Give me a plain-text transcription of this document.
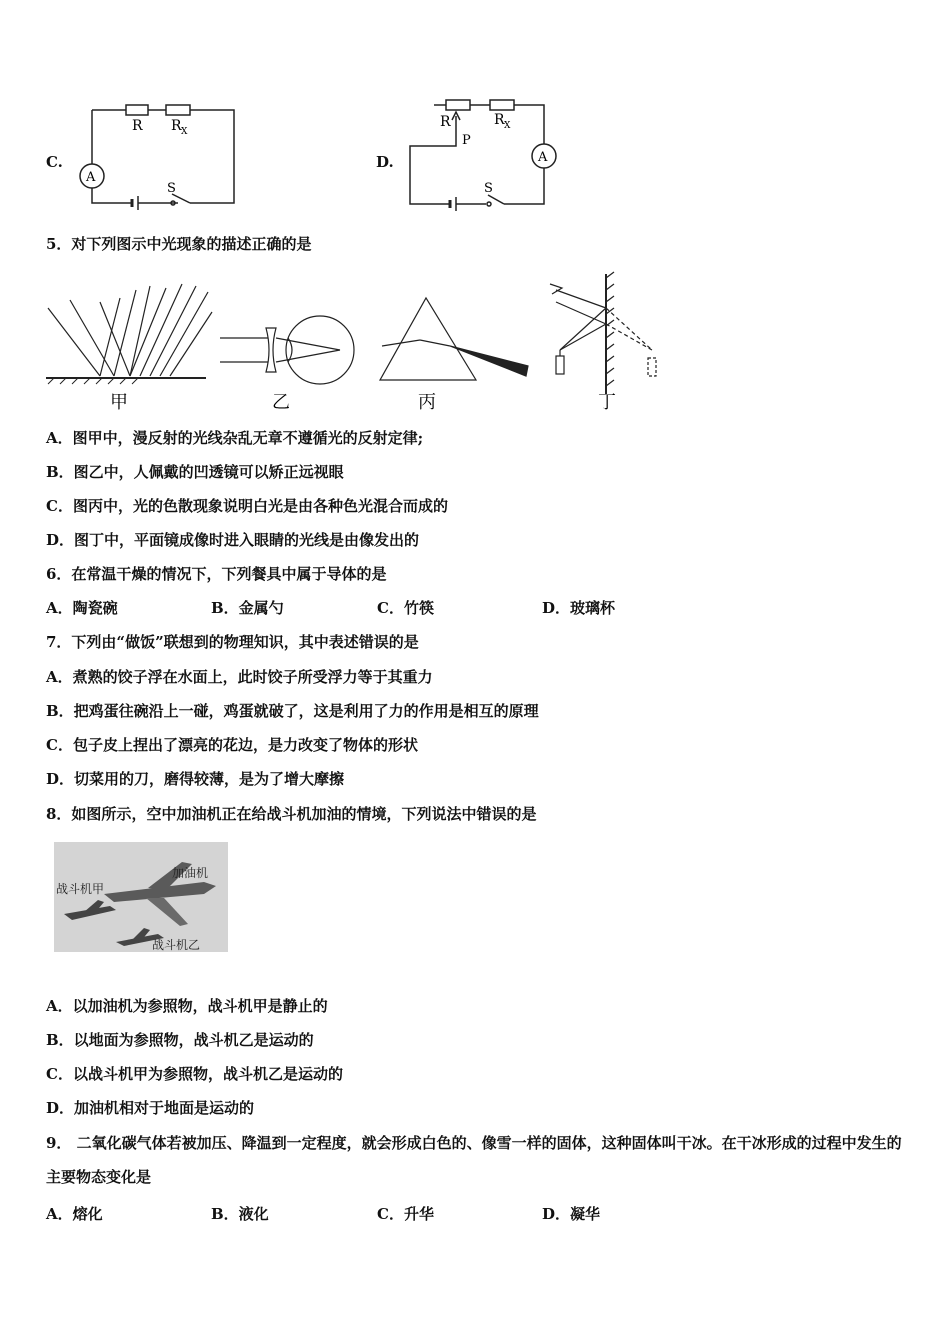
C.
R R X
A
S
D.
R	R X
P
A
S
5．对下列图示中光现象的描述正确的是
甲	乙	丙	丁
A．图甲中，漫反射的光线杂乱无章不遵循光的反射定律;
B．图乙中，人佩戴的凹透镜可以矫正远视眼
C．图丙中，光的色散现象说明白光是由各种色光混合而成的
D．图丁中，平面镜成像时进入眼睛的光线是由像发出的
6．在常温干燥的情况下，下列餐具中属于导体的是
A．陶瓷碗	B．金属勺	C．竹筷	D．玻璃杯
7．下列由“做饭”联想到的物理知识，其中表述错误的是
A．煮熟的饺子浮在水面上，此时饺子所受浮力等于其重力
B．把鸡蛋往碗沿上一碰，鸡蛋就破了，这是利用了力的作用是相互的原理
C．包子皮上捏出了漂亮的花边，是力改变了物体的形状
D．切菜用的刀，磨得较薄，是为了增大摩擦
8．如图所示，空中加油机正在给战斗机加油的情境，下列说法中错误的是
加油机
战斗机甲
战斗机乙
A．以加油机为参照物，战斗机甲是静止的
B．以地面为参照物，战斗机乙是运动的
C．以战斗机甲为参照物，战斗机乙是运动的
D．加油机相对于地面是运动的
9． 二氧化碳气体若被加压、降温到一定程度，就会形成白色的、像雪一样的固体，这种固体叫干冰。在干冰形成的过程中发生的主要物态变化是
A．熔化	B．液化	C．升华	D．凝华
